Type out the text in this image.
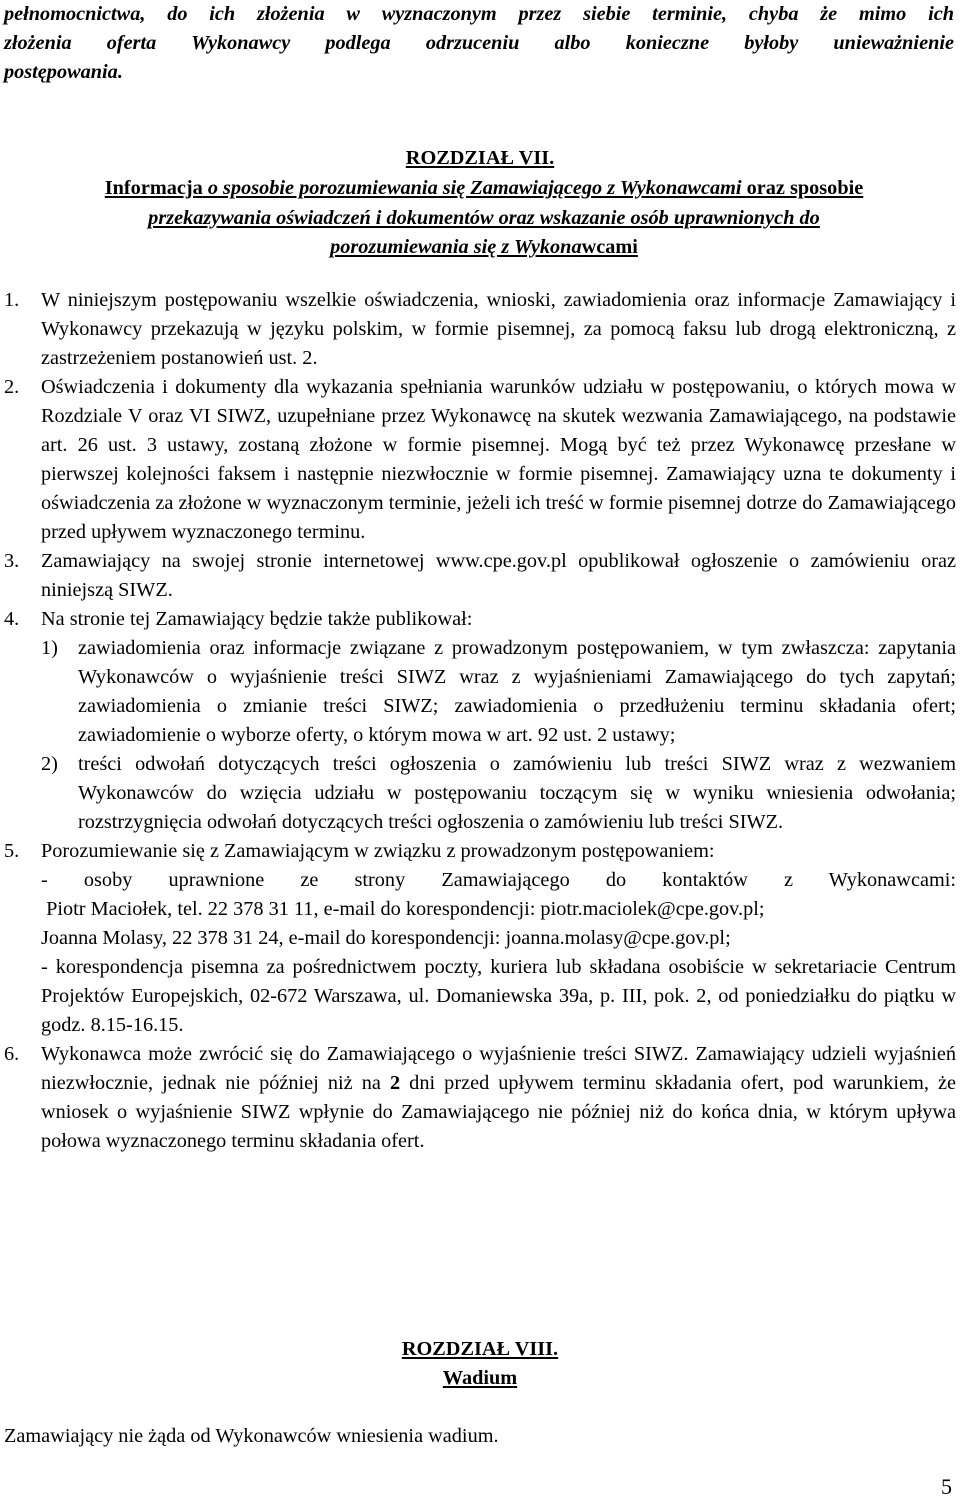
pełnomocnictwa, do ich złożenia w wyznaczonym przez siebie terminie, chyba że mimo ich
złożenia oferta Wykonawcy podlega odrzuceniu albo konieczne byłoby unieważnienie
postępowania.
ROZDZIAŁ VII.
Informacja o sposobie porozumiewania się Zamawiającego z Wykonawcami oraz sposobie
przekazywania oświadczeń i dokumentów oraz wskazanie osób uprawnionych do
porozumiewania się z Wykonawcami
1. W niniejszym postępowaniu wszelkie oświadczenia, wnioski, zawiadomienia oraz informacje Zamawiający i Wykonawcy przekazują w języku polskim, w formie pisemnej, za pomocą faksu lub drogą elektroniczną, z zastrzeżeniem postanowień ust. 2.

2. Oświadczenia i dokumenty dla wykazania spełniania warunków udziału w postępowaniu, o których mowa w Rozdziale V oraz VI SIWZ, uzupełniane przez Wykonawcę na skutek wezwania Zamawiającego, na podstawie art. 26 ust. 3 ustawy, zostaną złożone w formie pisemnej. Mogą być też przez Wykonawcę przesłane w pierwszej kolejności faksem i następnie niezwłocznie w formie pisemnej. Zamawiający uzna te dokumenty i oświadczenia za złożone w wyznaczonym terminie, jeżeli ich treść w formie pisemnej dotrze do Zamawiającego przed upływem wyznaczonego terminu.

3. Zamawiający na swojej stronie internetowej www.cpe.gov.pl opublikował ogłoszenie o zamówieniu oraz niniejszą SIWZ.

4. Na stronie tej Zamawiający będzie także publikował:

1) zawiadomienia oraz informacje związane z prowadzonym postępowaniem, w tym zwłaszcza: zapytania Wykonawców o wyjaśnienie treści SIWZ wraz z wyjaśnieniami Zamawiającego do tych zapytań; zawiadomienia o zmianie treści SIWZ; zawiadomienia o przedłużeniu terminu składania ofert; zawiadomienie o wyborze oferty, o którym mowa w art. 92 ust. 2 ustawy;

2) treści odwołań dotyczących treści ogłoszenia o zamówieniu lub treści SIWZ wraz z wezwaniem Wykonawców do wzięcia udziału w postępowaniu toczącym się w wyniku wniesienia odwołania; rozstrzygnięcia odwołań dotyczących treści ogłoszenia o zamówieniu lub treści SIWZ.

5. Porozumiewanie się z Zamawiającym w związku z prowadzonym postępowaniem:

- osoby uprawnione ze strony Zamawiającego do kontaktów z Wykonawcami:

Piotr Maciołek, tel. 22 378 31 11, e-mail do korespondencji: piotr.maciolek@cpe.gov.pl;

Joanna Molasy, 22 378 31 24, e-mail do korespondencji: joanna.molasy@cpe.gov.pl;

- korespondencja pisemna za pośrednictwem poczty, kuriera lub składana osobiście w sekretariacie Centrum Projektów Europejskich, 02-672 Warszawa, ul. Domaniewska 39a, p. III, pok. 2, od poniedziałku do piątku w godz. 8.15-16.15.

6. Wykonawca może zwrócić się do Zamawiającego o wyjaśnienie treści SIWZ. Zamawiający udzieli wyjaśnień niezwłocznie, jednak nie później niż na 2 dni przed upływem terminu składania ofert, pod warunkiem, że wniosek o wyjaśnienie SIWZ wpłynie do Zamawiającego nie później niż do końca dnia, w którym upływa połowa wyznaczonego terminu składania ofert.

ROZDZIAŁ VIII.
Wadium

Zamawiający nie żąda od Wykonawców wniesienia wadium.

5
